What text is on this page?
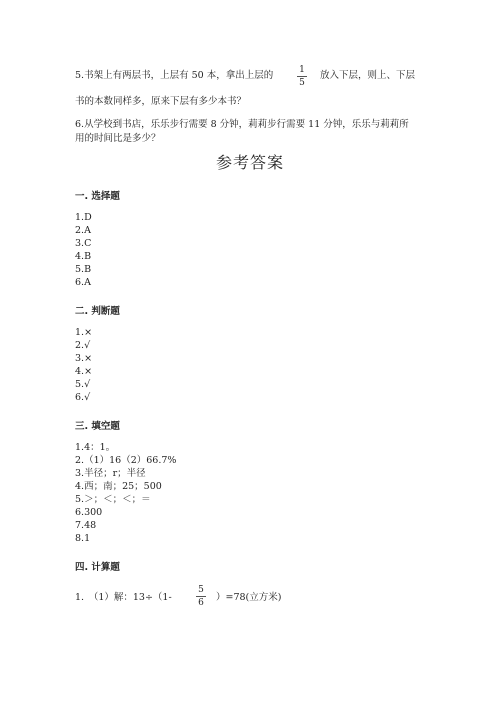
5.书架上有两层书，上层有 50 本，拿出上层的	1
5
放入下层，则上、下层
书的本数同样多，原来下层有多少本书？
6.从学校到书店，乐乐步行需要 8 分钟，莉莉步行需要 11 分钟，乐乐与莉莉所
用的时间比是多少？
参考答案
一. 选择题
1.D
2.A
3.C
4.B
5.B
6.A
二. 判断题
1.×
2.√
3.×
4.×
5.√
6.√
三. 填空题
1.4：1。
2.（1）16（2）66.7%
3.半径；r；半径
4.西；南；25；500
5.＞；＜；＜；＝
6.300
7.48
8.1
四. 计算题
1.　（1）解：13÷（1-
5
6	）=78(立方米)
